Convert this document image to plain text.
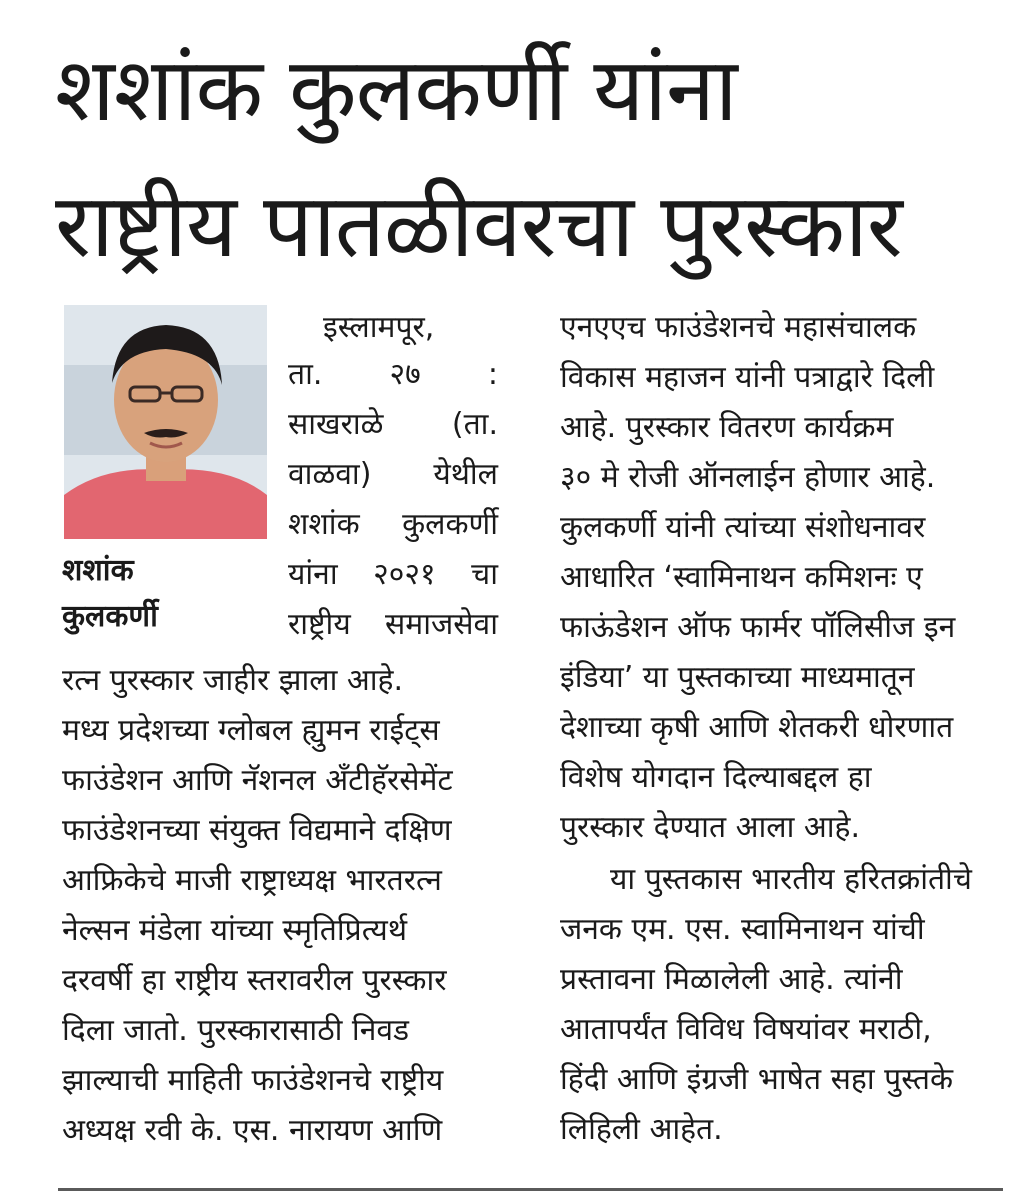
शशांक कुलकर्णी यांना
राष्ट्रीय पातळीवरचा पुरस्कार
शशांक
कुलकर्णी
इस्लामपूर,
ता. २७ :
साखराळे (ता.
वाळवा) येथील
शशांक कुलकर्णी
यांना २०२१ चा
राष्ट्रीय समाजसेवा
रत्न पुरस्कार जाहीर झाला आहे.
मध्य प्रदेशच्या ग्लोबल ह्युमन राईट्स
फाउंडेशन आणि नॅशनल अँटीहॅरसेमेंट
फाउंडेशनच्या संयुक्त विद्यमाने दक्षिण
आफ्रिकेचे माजी राष्ट्राध्यक्ष भारतरत्न
नेल्सन मंडेला यांच्या स्मृतिप्रित्यर्थ
दरवर्षी हा राष्ट्रीय स्तरावरील पुरस्कार
दिला जातो. पुरस्कारासाठी निवड
झाल्याची माहिती फाउंडेशनचे राष्ट्रीय
अध्यक्ष रवी के. एस. नारायण आणि
एनएएच फाउंडेशनचे महासंचालक
विकास महाजन यांनी पत्राद्वारे दिली
आहे. पुरस्कार वितरण कार्यक्रम
३० मे रोजी ऑनलाईन होणार आहे.
कुलकर्णी यांनी त्यांच्या संशोधनावर
आधारित ‘स्वामिनाथन कमिशनः ए
फाऊंडेशन ऑफ फार्मर पॉलिसीज इन
इंडिया’ या पुस्तकाच्या माध्यमातून
देशाच्या कृषी आणि शेतकरी धोरणात
विशेष योगदान दिल्याबद्दल हा
पुरस्कार देण्यात आला आहे.
या पुस्तकास भारतीय हरितक्रांतीचे
जनक एम. एस. स्वामिनाथन यांची
प्रस्तावना मिळालेली आहे. त्यांनी
आतापर्यंत विविध विषयांवर मराठी,
हिंदी आणि इंग्रजी भाषेत सहा पुस्तके
लिहिली आहेत.
